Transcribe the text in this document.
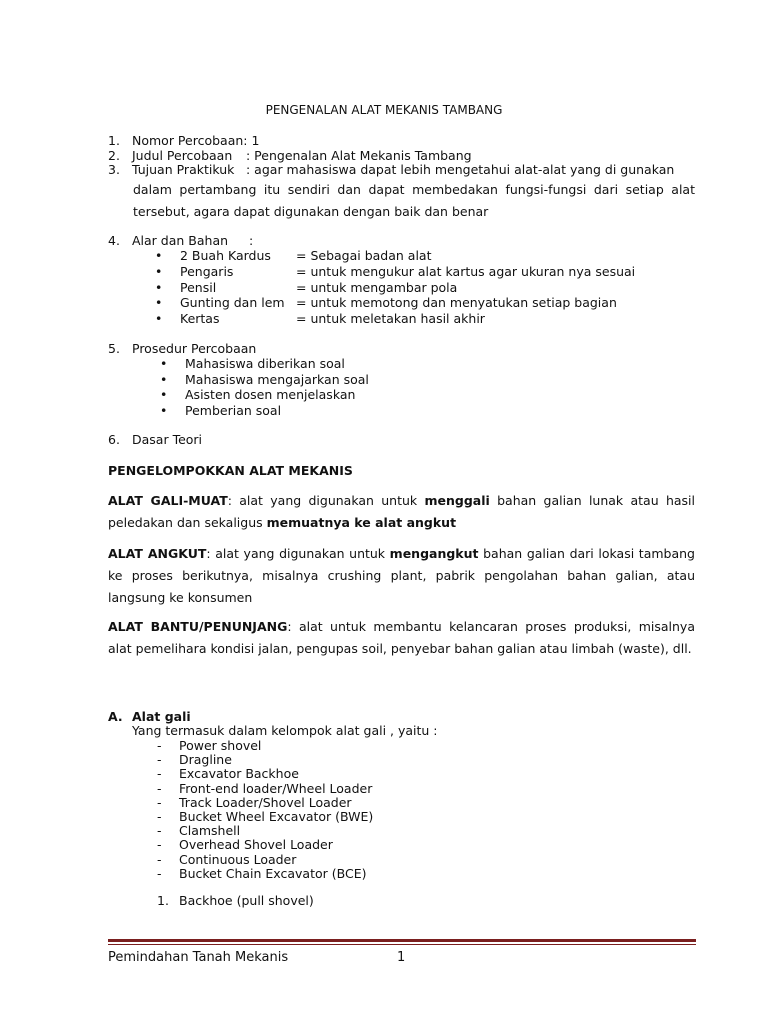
PENGENALAN ALAT MEKANIS TAMBANG
1. Nomor Percobaan: 1
2. Judul Percobaan : Pengenalan Alat Mekanis Tambang
3. Tujuan Praktikuk : agar mahasiswa dapat lebih mengetahui alat-alat yang di gunakan
dalam pertambang itu sendiri dan dapat membedakan fungsi-fungsi dari setiap alat tersebut, agara dapat digunakan dengan baik dan benar
4. Alar dan Bahan :
• 2 Buah Kardus = Sebagai badan alat
• Pengaris	= untuk mengukur alat kartus agar ukuran nya sesuai
• Pensil	= untuk mengambar pola
• Gunting dan lem = untuk memotong dan menyatukan setiap bagian
• Kertas	= untuk meletakan hasil akhir
5. Prosedur Percobaan
• Mahasiswa diberikan soal
• Mahasiswa mengajarkan soal
• Asisten dosen menjelaskan
• Pemberian soal
6. Dasar Teori
PENGELOMPOKKAN ALAT MEKANIS
ALAT GALI-MUAT: alat yang digunakan untuk menggali bahan galian lunak atau hasil peledakan dan sekaligus memuatnya ke alat angkut
ALAT ANGKUT: alat yang digunakan untuk mengangkut bahan galian dari lokasi tambang ke proses berikutnya, misalnya crushing plant, pabrik pengolahan bahan galian, atau langsung ke konsumen
ALAT BANTU/PENUNJANG: alat untuk membantu kelancaran proses produksi, misalnya alat pemelihara kondisi jalan, pengupas soil, penyebar bahan galian atau limbah (waste), dll.
A. Alat gali
Yang termasuk dalam kelompok alat gali , yaitu :
- Power shovel
- Dragline
- Excavator Backhoe
- Front-end loader/Wheel Loader
- Track Loader/Shovel Loader
- Bucket Wheel Excavator (BWE)
- Clamshell
- Overhead Shovel Loader
- Continuous Loader
- Bucket Chain Excavator (BCE)
1. Backhoe (pull shovel)
Pemindahan Tanah Mekanis	1
